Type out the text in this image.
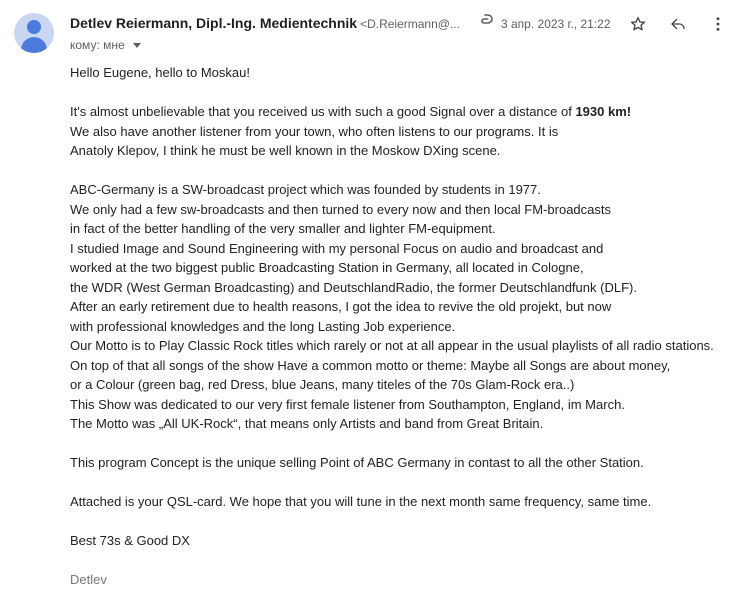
Detlev Reiermann, Dipl.-Ing. Medientechnik <D.Reiermann@...	3 апр. 2023 г., 21:22
кому: мне
Hello Eugene, hello to Moskau!
It's almost unbelievable that you received us with such a good Signal over a distance of 1930 km!
We also have another listener from your town, who often listens to our programs. It is
Anatoly Klepov, I think he must be well known in the Moskow DXing scene.
ABC-Germany is a SW-broadcast project which was founded by students in 1977.
We only had a few sw-broadcasts and then turned to every now and then local FM-broadcasts
in fact of the better handling of the very smaller and lighter FM-equipment.
I studied Image and Sound Engineering with my personal Focus on audio and broadcast and
worked at the two biggest public Broadcasting Station in Germany, all located in Cologne,
the WDR (West German Broadcasting) and DeutschlandRadio, the former Deutschlandfunk (DLF).
After an early retirement due to health reasons, I got the idea to revive the old projekt, but now
with professional knowledges and the long Lasting Job experience.
Our Motto is to Play Classic Rock titles which rarely or not at all appear in the usual playlists of all radio stations.
On top of that all songs of the show Have a common motto or theme: Maybe all Songs are about money,
or a Colour (green bag, red Dress, blue Jeans, many titeles of the 70s Glam-Rock era..)
This Show was dedicated to our very first female listener from Southampton, England, im March.
The Motto was „All UK-Rock“, that means only Artists and band from Great Britain.
This program Concept is the unique selling Point of ABC Germany in contast to all the other Station.
Attached is your QSL-card. We hope that you will tune in the next month same frequency, same time.
Best 73s & Good DX
Detlev
